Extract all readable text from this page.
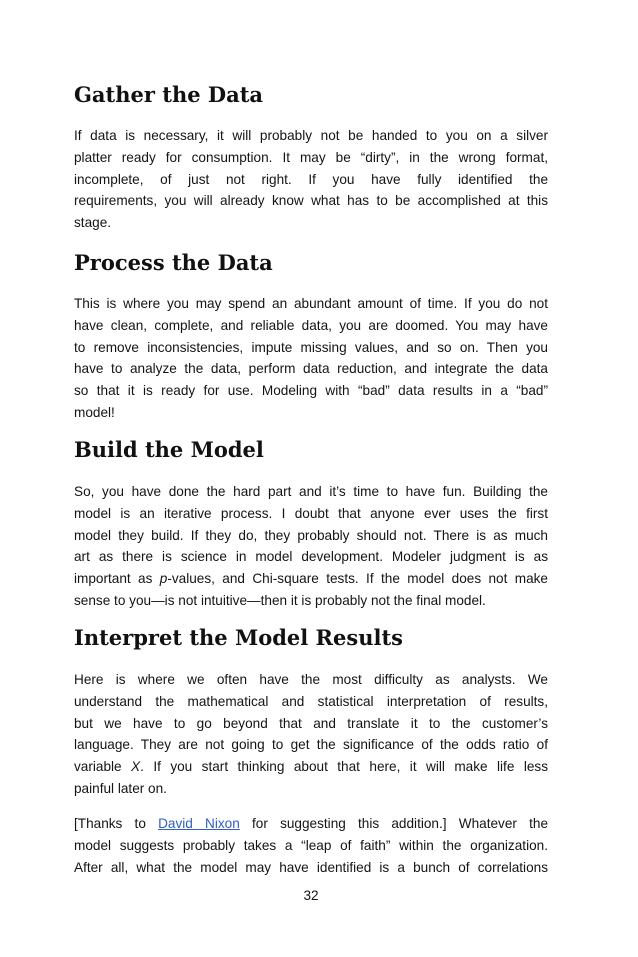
Gather the Data
If data is necessary, it will probably not be handed to you on a silver
platter ready for consumption. It may be “dirty”, in the wrong format,
incomplete, of just not right. If you have fully identified the
requirements, you will already know what has to be accomplished at this
stage.
Process the Data
This is where you may spend an abundant amount of time. If you do not
have clean, complete, and reliable data, you are doomed. You may have
to remove inconsistencies, impute missing values, and so on. Then you
have to analyze the data, perform data reduction, and integrate the data
so that it is ready for use. Modeling with “bad” data results in a “bad”
model!
Build the Model
So, you have done the hard part and it’s time to have fun. Building the
model is an iterative process. I doubt that anyone ever uses the first
model they build. If they do, they probably should not. There is as much
art as there is science in model development. Modeler judgment is as
important as p-values, and Chi-square tests. If the model does not make
sense to you—is not intuitive—then it is probably not the final model.
Interpret the Model Results
Here is where we often have the most difficulty as analysts. We
understand the mathematical and statistical interpretation of results,
but we have to go beyond that and translate it to the customer’s
language. They are not going to get the significance of the odds ratio of
variable X. If you start thinking about that here, it will make life less
painful later on.
[Thanks to David Nixon for suggesting this addition.] Whatever the
model suggests probably takes a “leap of faith” within the organization.
After all, what the model may have identified is a bunch of correlations
32
